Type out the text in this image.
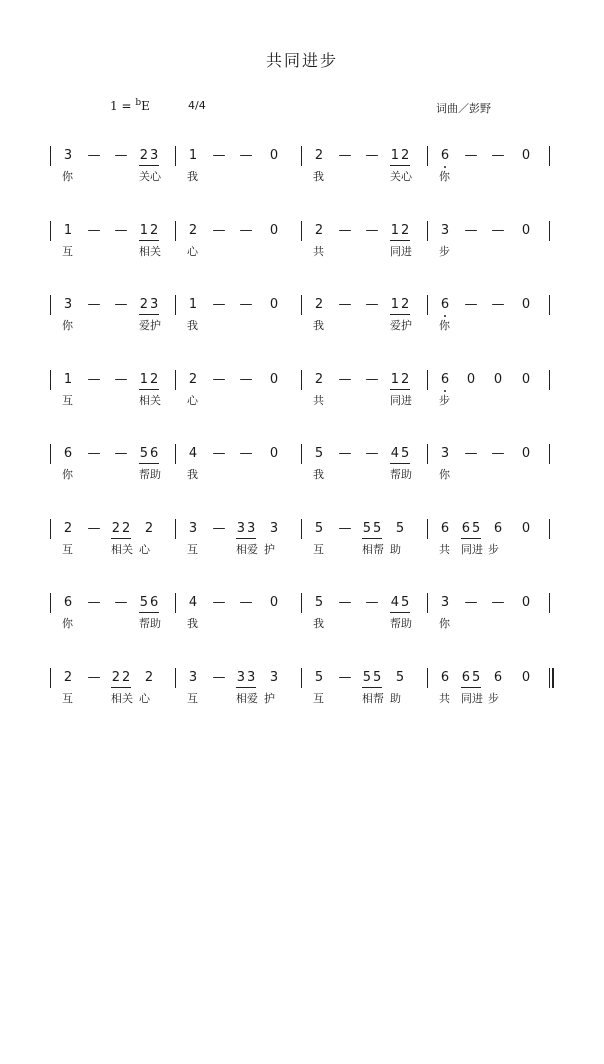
共同进步
1 = $^b$E	4/4	词曲／彭野
3	— — 23
你	关心
1	— —	0
我
2	— — 12
我	关心
6	— —	0
你
1	— — 12
互	相关
2	— —	0
心
2	— — 12
共	同进
3	— —	0
步
3	— — 23
你	爱护
1	— —	0
我
2	— — 12
我	爱护
6	— —	0
你
1	— — 12
互	相关
2	— —	0
心
2	— — 12
共	同进
6	0	0	0
步
6	— — 56
你	帮助
4	— —	0
我
5	— — 45
我	帮助
3	— —	0
你
2	— 22 2
互	相关 心
3	— 33 3
互	相爱 护
5	— 55 5
互	相帮 助
6 65 6	0
共 同进 步
6	— — 56
你	帮助
4	— —	0
我
5	— — 45
我	帮助
3	— —	0
你
2	— 22 2
互	相关 心
3	— 33 3
互	相爱 护
5	— 55 5
互	相帮 助
6 65 6	0
共 同进 步
